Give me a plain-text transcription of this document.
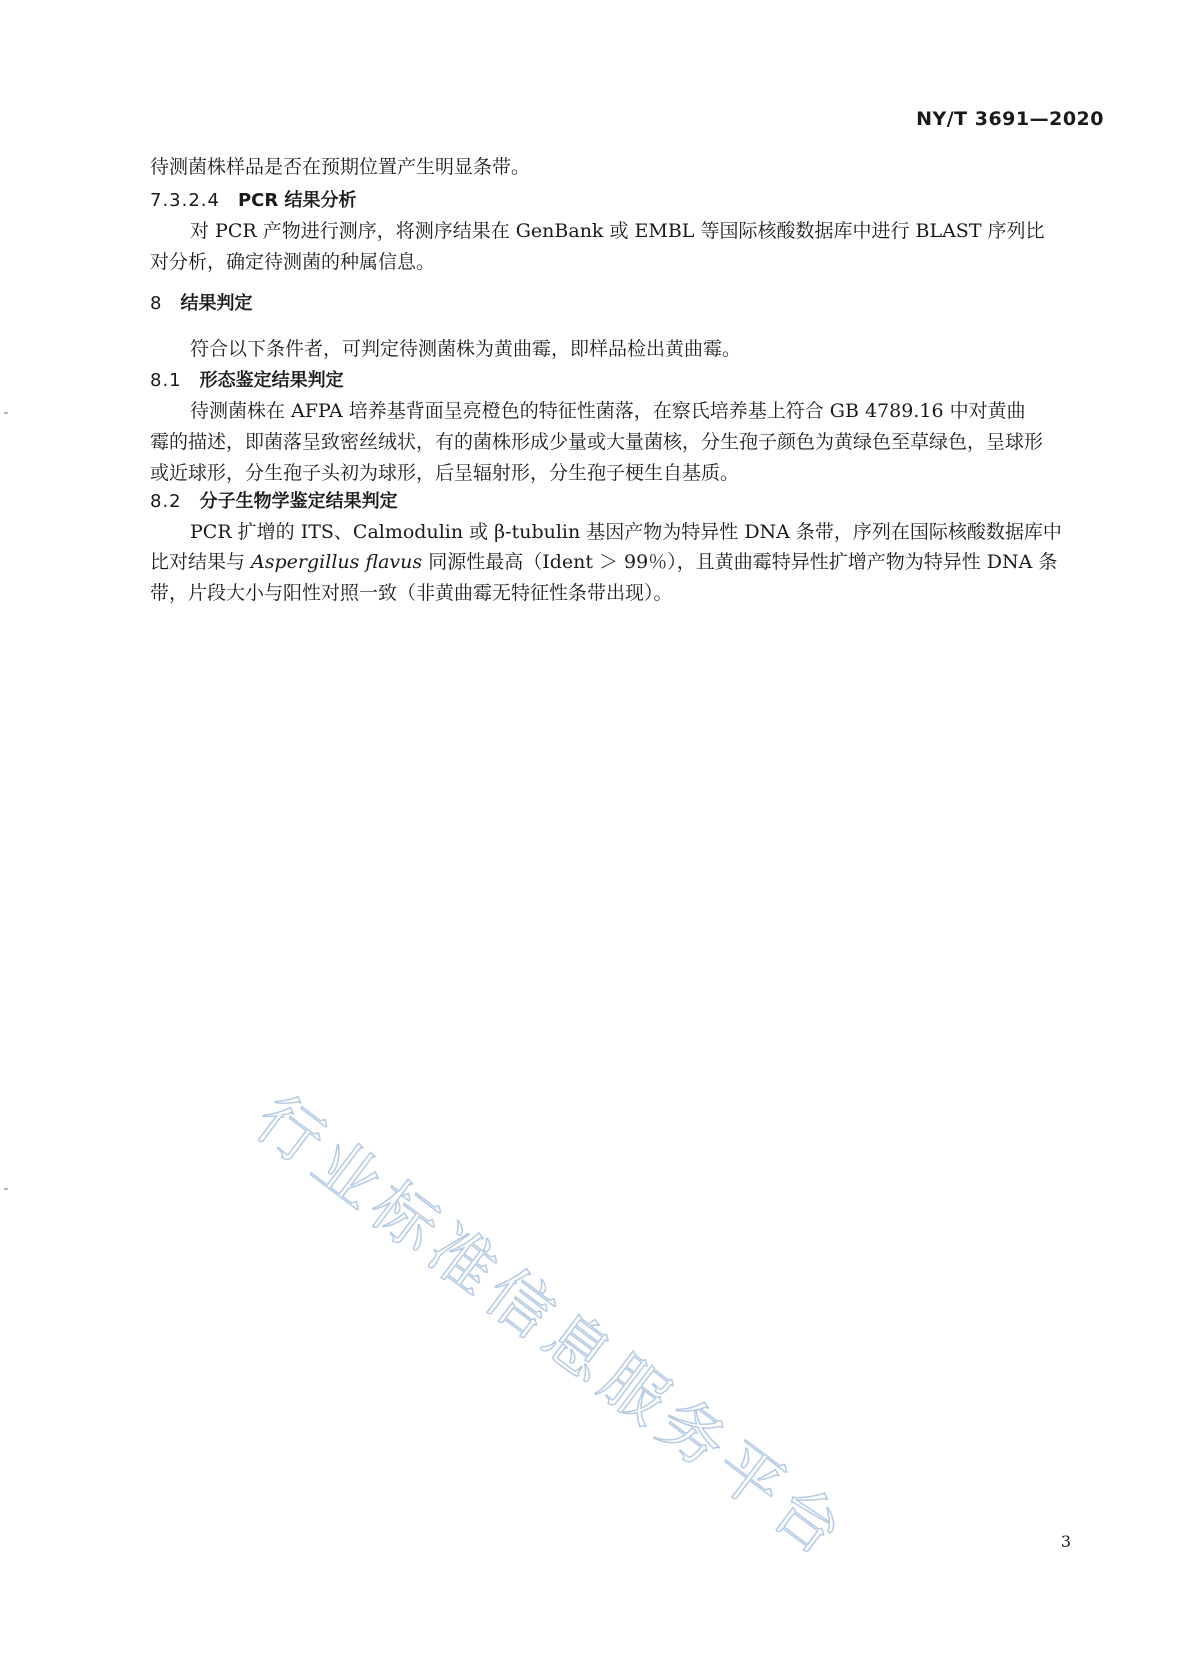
NY/T 3691—2020
待测菌株样品是否在预期位置产生明显条带。
7.3.2.4 PCR 结果分析
对 PCR 产物进行测序，将测序结果在 GenBank 或 EMBL 等国际核酸数据库中进行 BLAST 序列比
对分析，确定待测菌的种属信息。
8 结果判定
符合以下条件者，可判定待测菌株为黄曲霉，即样品检出黄曲霉。
8.1 形态鉴定结果判定
待测菌株在 AFPA 培养基背面呈亮橙色的特征性菌落，在察氏培养基上符合 GB 4789.16 中对黄曲
霉的描述，即菌落呈致密丝绒状，有的菌株形成少量或大量菌核，分生孢子颜色为黄绿色至草绿色，呈球形
或近球形，分生孢子头初为球形，后呈辐射形，分生孢子梗生自基质。
8.2 分子生物学鉴定结果判定
PCR 扩增的 ITS、Calmodulin 或 β-tubulin 基因产物为特异性 DNA 条带，序列在国际核酸数据库中
比对结果与 Aspergillus flavus 同源性最高（Ident ＞ 99％），且黄曲霉特异性扩增产物为特异性 DNA 条
带，片段大小与阳性对照一致（非黄曲霉无特征性条带出现）。
行业标准信息服务平台	3
